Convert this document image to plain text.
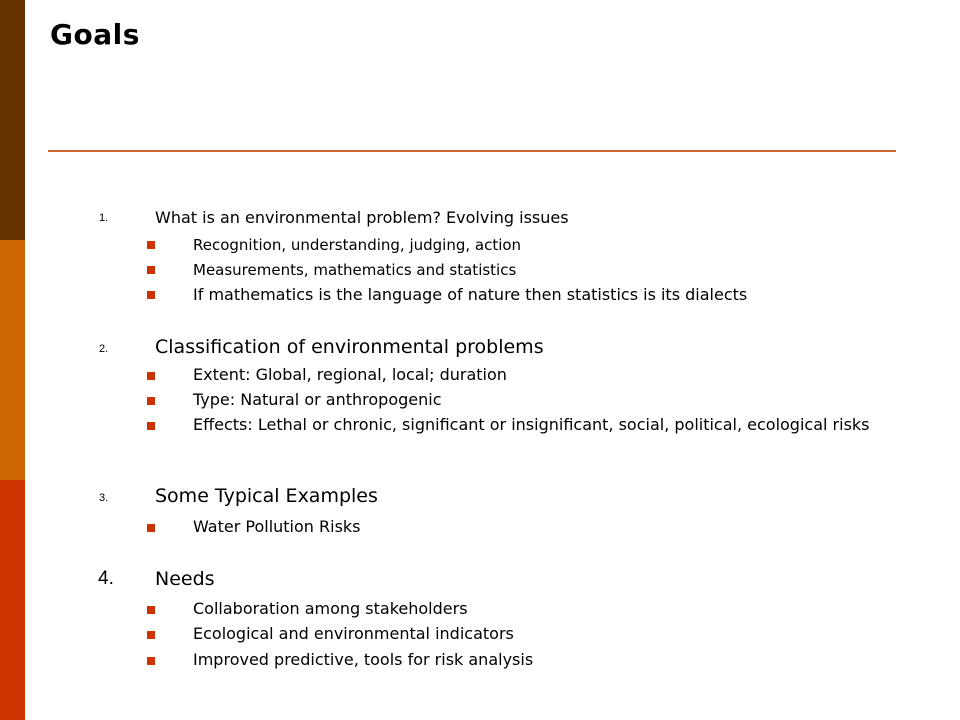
Goals
1.	What is an environmental problem? Evolving issues
Recognition, understanding, judging, action
Measurements, mathematics and statistics
If mathematics is the language of nature then statistics is its dialects
2. Classification of environmental problems
Extent: Global, regional, local; duration
Type: Natural or anthropogenic
Effects: Lethal or chronic, significant or insignificant, social, political, ecological risks
3. Some Typical Examples
Water Pollution Risks
4. Needs
Collaboration among stakeholders
Ecological and environmental indicators
Improved predictive, tools for risk analysis
